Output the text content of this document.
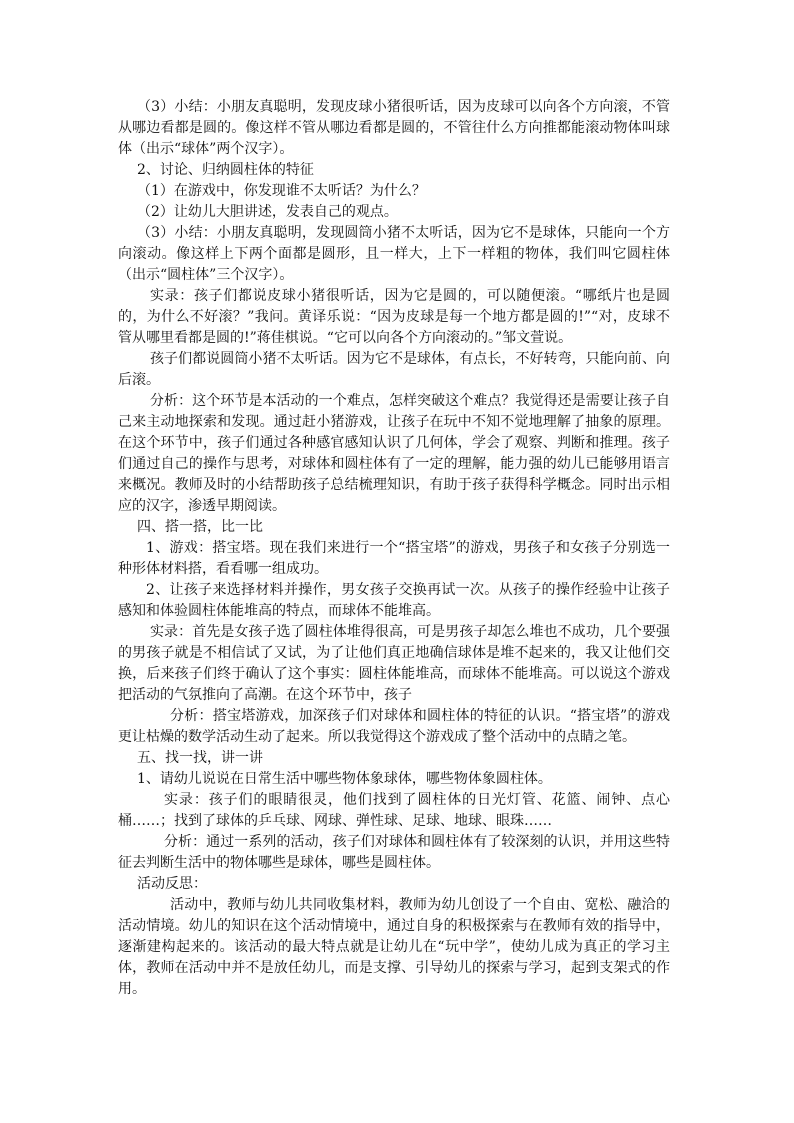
（3）小结：小朋友真聪明，发现皮球小猪很听话，因为皮球可以向各个方向滚，不管从哪边看都是圆的。像这样不管从哪边看都是圆的，不管往什么方向推都能滚动物体叫球体（出示“球体”两个汉字）。

2、讨论、归纳圆柱体的特征

（1）在游戏中，你发现谁不太听话？为什么？

（2）让幼儿大胆讲述，发表自己的观点。

（3）小结：小朋友真聪明，发现圆筒小猪不太听话，因为它不是球体，只能向一个方向滚动。像这样上下两个面都是圆形，且一样大，上下一样粗的物体，我们叫它圆柱体（出示“圆柱体”三个汉字）。

实录：孩子们都说皮球小猪很听话，因为它是圆的，可以随便滚。“哪纸片也是圆的，为什么不好滚？”我问。黄译乐说：“因为皮球是每一个地方都是圆的!”“对，皮球不管从哪里看都是圆的!”蒋佳棋说。“它可以向各个方向滚动的。”邹文萱说。

孩子们都说圆筒小猪不太听话。因为它不是球体，有点长，不好转弯，只能向前、向后滚。

分析：这个环节是本活动的一个难点，怎样突破这个难点？我觉得还是需要让孩子自己来主动地探索和发现。通过赶小猪游戏，让孩子在玩中不知不觉地理解了抽象的原理。在这个环节中，孩子们通过各种感官感知认识了几何体，学会了观察、判断和推理。孩子们通过自己的操作与思考，对球体和圆柱体有了一定的理解，能力强的幼儿已能够用语言来概况。教师及时的小结帮助孩子总结梳理知识，有助于孩子获得科学概念。同时出示相应的汉字，渗透早期阅读。

四、搭一搭，比一比

1、游戏：搭宝塔。现在我们来进行一个“搭宝塔”的游戏，男孩子和女孩子分别选一种形体材料搭，看看哪一组成功。

2、让孩子来选择材料并操作，男女孩子交换再试一次。从孩子的操作经验中让孩子感知和体验圆柱体能堆高的特点，而球体不能堆高。

实录：首先是女孩子选了圆柱体堆得很高，可是男孩子却怎么堆也不成功，几个要强的男孩子就是不相信试了又试，为了让他们真正地确信球体是堆不起来的，我又让他们交换，后来孩子们终于确认了这个事实：圆柱体能堆高，而球体不能堆高。可以说这个游戏把活动的气氛推向了高潮。在这个环节中，孩子

分析：搭宝塔游戏，加深孩子们对球体和圆柱体的特征的认识。“搭宝塔”的游戏更让枯燥的数学活动生动了起来。所以我觉得这个游戏成了整个活动中的点睛之笔。

五、找一找，讲一讲

1、请幼儿说说在日常生活中哪些物体象球体，哪些物体象圆柱体。

实录：孩子们的眼睛很灵，他们找到了圆柱体的日光灯管、花篮、闹钟、点心桶……；找到了球体的乒乓球、网球、弹性球、足球、地球、眼珠……

分析：通过一系列的活动，孩子们对球体和圆柱体有了较深刻的认识，并用这些特征去判断生活中的物体哪些是球体，哪些是圆柱体。

活动反思：

活动中，教师与幼儿共同收集材料，教师为幼儿创设了一个自由、宽松、融洽的活动情境。幼儿的知识在这个活动情境中，通过自身的积极探索与在教师有效的指导中，逐渐建构起来的。该活动的最大特点就是让幼儿在“玩中学”，使幼儿成为真正的学习主体，教师在活动中并不是放任幼儿，而是支撑、引导幼儿的探索与学习，起到支架式的作用。
